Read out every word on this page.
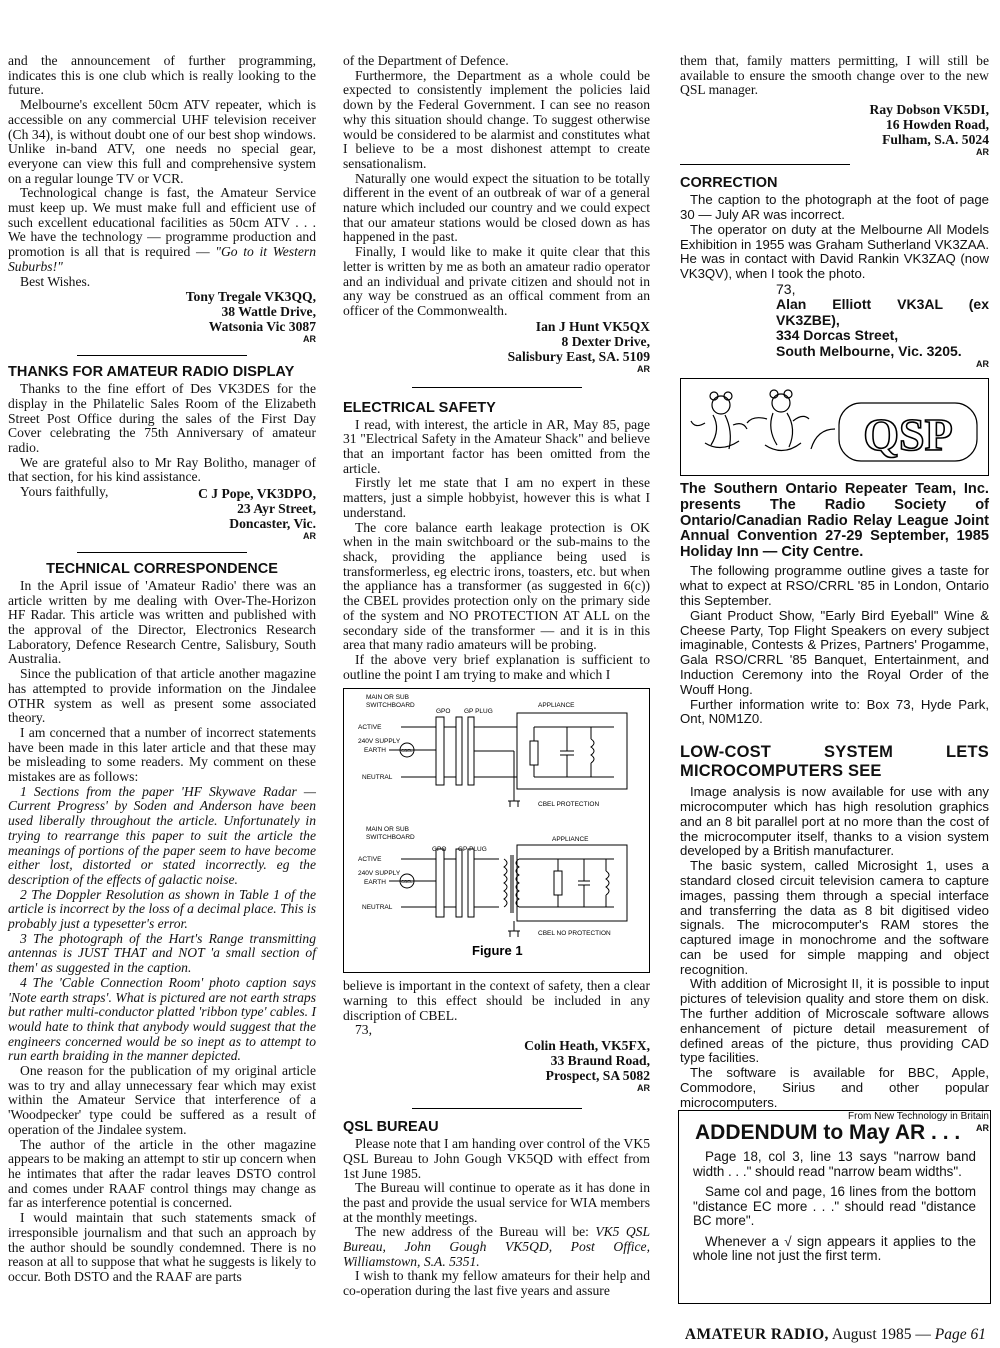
and the announcement of further programming, indicates this is one club which is really looking to the future.

Melbourne's excellent 50cm ATV repeater, which is accessible on any commercial UHF television receiver (Ch 34), is without doubt one of our best shop windows. Unlike in-band ATV, one needs no special gear, everyone can view this full and comprehensive system on a regular lounge TV or VCR.

Technological change is fast, the Amateur Service must keep up. We must make full and efficient use of such excellent educational facilities as 50cm ATV . . . We have the technology — programme production and promotion is all that is required — "Go to it Western Suburbs!"

Best Wishes.

Tony Tregale VK3QQ,
38 Wattle Drive,
Watsonia Vic 3087
AR
THANKS FOR AMATEUR RADIO DISPLAY

Thanks to the fine effort of Des VK3DES for the display in the Philatelic Sales Room of the Elizabeth Street Post Office during the sales of the First Day Cover celebrating the 75th Anniversary of amateur radio.

We are grateful also to Mr Ray Bolitho, manager of that section, for his kind assistance.

Yours faithfully,	C J Pope, VK3DPO,
23 Ayr Street,
Doncaster, Vic.
AR
TECHNICAL CORRESPONDENCE

In the April issue of 'Amateur Radio' there was an article written by me dealing with Over-The-Horizon HF Radar. This article was written and published with the approval of the Director, Electronics Research Laboratory, Defence Research Centre, Salisbury, South Australia.

Since the publication of that article another magazine has attempted to provide information on the Jindalee OTHR system as well as present some associated theory.

I am concerned that a number of incorrect statements have been made in this later article and that these may be misleading to some readers. My comment on these mistakes are as follows:

1 Sections from the paper 'HF Skywave Radar — Current Progress' by Soden and Anderson have been used liberally throughout the article. Unfortunately in trying to rearrange this paper to suit the article the meanings of portions of the paper seem to have become either lost, distorted or stated incorrectly. eg the description of the effects of galactic noise.

2 The Doppler Resolution as shown in Table 1 of the article is incorrect by the loss of a decimal place. This is probably just a typesetter's error.

3 The photograph of the Hart's Range transmitting antennas is JUST THAT and NOT 'a small section of them' as suggested in the caption.

4 The 'Cable Connection Room' photo caption says 'Note earth straps'. What is pictured are not earth straps but rather multi-conductor platted 'ribbon type' cables. I would hate to think that anybody would suggest that the engineers concerned would be so inept as to attempt to run earth braiding in the manner depicted.

One reason for the publication of my original article was to try and allay unnecessary fear which may exist within the Amateur Service that interference of a 'Woodpecker' type could be suffered as a result of operation of the Jindalee system.

The author of the article in the other magazine appears to be making an attempt to stir up concern when he intimates that after the radar leaves DSTO control and comes under RAAF control things may change as far as interference potential is concerned.

I would maintain that such statements smack of irresponsible journalism and that such an approach by the author should be soundly condemned. There is no reason at all to suppose that what he suggests is likely to occur. Both DSTO and the RAAF are parts

of the Department of Defence.

Furthermore, the Department as a whole could be expected to consistently implement the policies laid down by the Federal Government. I can see no reason why this situation should change. To suggest otherwise would be considered to be alarmist and constitutes what I believe to be a most dishonest attempt to create sensationalism.

Naturally one would expect the situation to be totally different in the event of an outbreak of war of a general nature which included our country and we could expect that our amateur stations would be closed down as has happened in the past.

Finally, I would like to make it quite clear that this letter is written by me as both an amateur radio operator and an individual and private citizen and should not in any way be construed as an offical comment from an officer of the Commonwealth.

Ian J Hunt VK5QX
8 Dexter Drive,
Salisbury East, SA. 5109
AR
ELECTRICAL SAFETY

I read, with interest, the article in AR, May 85, page 31 "Electrical Safety in the Amateur Shack" and believe that an important factor has been omitted from the article.

Firstly let me state that I am no expert in these matters, just a simple hobbyist, however this is what I understand.

The core balance earth leakage protection is OK when in the main switchboard or the sub-mains to the shack, providing the appliance being used is transformerless, eg electric irons, toasters, etc. but when the appliance has a transformer (as suggested in 6(c)) the CBEL provides protection only on the primary side of the system and NO PROTECTION AT ALL on the secondary side of the transformer — and it is in this area that many radio amateurs will be probing.

If the above very brief explanation is sufficient to outline the point I am trying to make and which I

MAIN OR SUB
SWITCHBOARD
GPO GP PLUG
APPLIANCE
ACTIVE
240V SUPPLY
EARTH	CBEL
NEUTRAL
CBEL PROTECTION
MAIN OR SUB
SWITCHBOARD
GPO GP PLUG
APPLIANCE
ACTIVE
240V SUPPLY
EARTH	CBEL
NEUTRAL
CBEL NO PROTECTION
Figure 1

believe is important in the context of safety, then a clear warning to this effect should be included in any discription of CBEL.

73,

Colin Heath, VK5FX,
33 Braund Road,
Prospect, SA 5082
AR
QSL BUREAU

Please note that I am handing over control of the VK5 QSL Bureau to John Gough VK5QD with effect from 1st June 1985.

The Bureau will continue to operate as it has done in the past and provide the usual service for WIA members at the monthly meetings.

The new address of the Bureau will be: VK5 QSL Bureau, John Gough VK5QD, Post Office, Williamstown, S.A. 5351.

I wish to thank my fellow amateurs for their help and co-operation during the last five years and assure

them that, family matters permitting, I will still be available to ensure the smooth change over to the new QSL manager.

Ray Dobson VK5DI,
16 Howden Road,
Fulham, S.A. 5024
AR
CORRECTION

The caption to the photograph at the foot of page 30 — July AR was incorrect.

The operator on duty at the Melbourne All Models Exhibition in 1955 was Graham Sutherland VK3ZAA. He was in contact with David Rankin VK3ZAQ (now VK3QV), when I took the photo.

73,
Alan Elliott VK3AL (ex VK3ZBE),
334 Dorcas Street,
South Melbourne, Vic. 3205.
AR
QSP
The Southern Ontario Repeater Team, Inc. presents The Radio Society of Ontario/Canadian Radio Relay League Joint Annual Convention 27-29 September, 1985 Holiday Inn — City Centre.

The following programme outline gives a taste for what to expect at RSO/CRRL '85 in London, Ontario this September.

Giant Product Show, "Early Bird Eyeball" Wine & Cheese Party, Top Flight Speakers on every subject imaginable, Contests & Prizes, Partners' Progamme, Gala RSO/CRRL '85 Banquet, Entertainment, and Induction Ceremony into the Royal Order of the Wouff Hong.

Further information write to: Box 73, Hyde Park, Ont, N0M1Z0.

LOW-COST SYSTEM LETS MICROCOMPUTERS SEE

Image analysis is now available for use with any microcomputer which has high resolution graphics and an 8 bit parallel port at no more than the cost of the microcomputer itself, thanks to a vision system developed by a British manufacturer.

The basic system, called Microsight 1, uses a standard closed circuit television camera to capture images, passing them through a special interface and transferring the data as 8 bit digitised video signals. The microcomputer's RAM stores the captured image in monochrome and the software can be used for simple mapping and object recognition.

With addition of Microsight II, it is possible to input pictures of television quality and store them on disk. The further addition of Microscale software allows enhancement of picture detail measurement of defined areas of the picture, thus providing CAD type facilities.

The software is available for BBC, Apple, Commodore, Sirius and other popular microcomputers.

From New Technology in Britain
AR
ADDENDUM to May AR . . .

Page 18, col 3, line 13 says "narrow band width . . ." should read "narrow beam widths".

Same col and page, 16 lines from the bottom "distance EC more . . ." should read "distance BC more".

Whenever a √ sign appears it applies to the whole line not just the first term.

AMATEUR RADIO, August 1985 — Page 61
